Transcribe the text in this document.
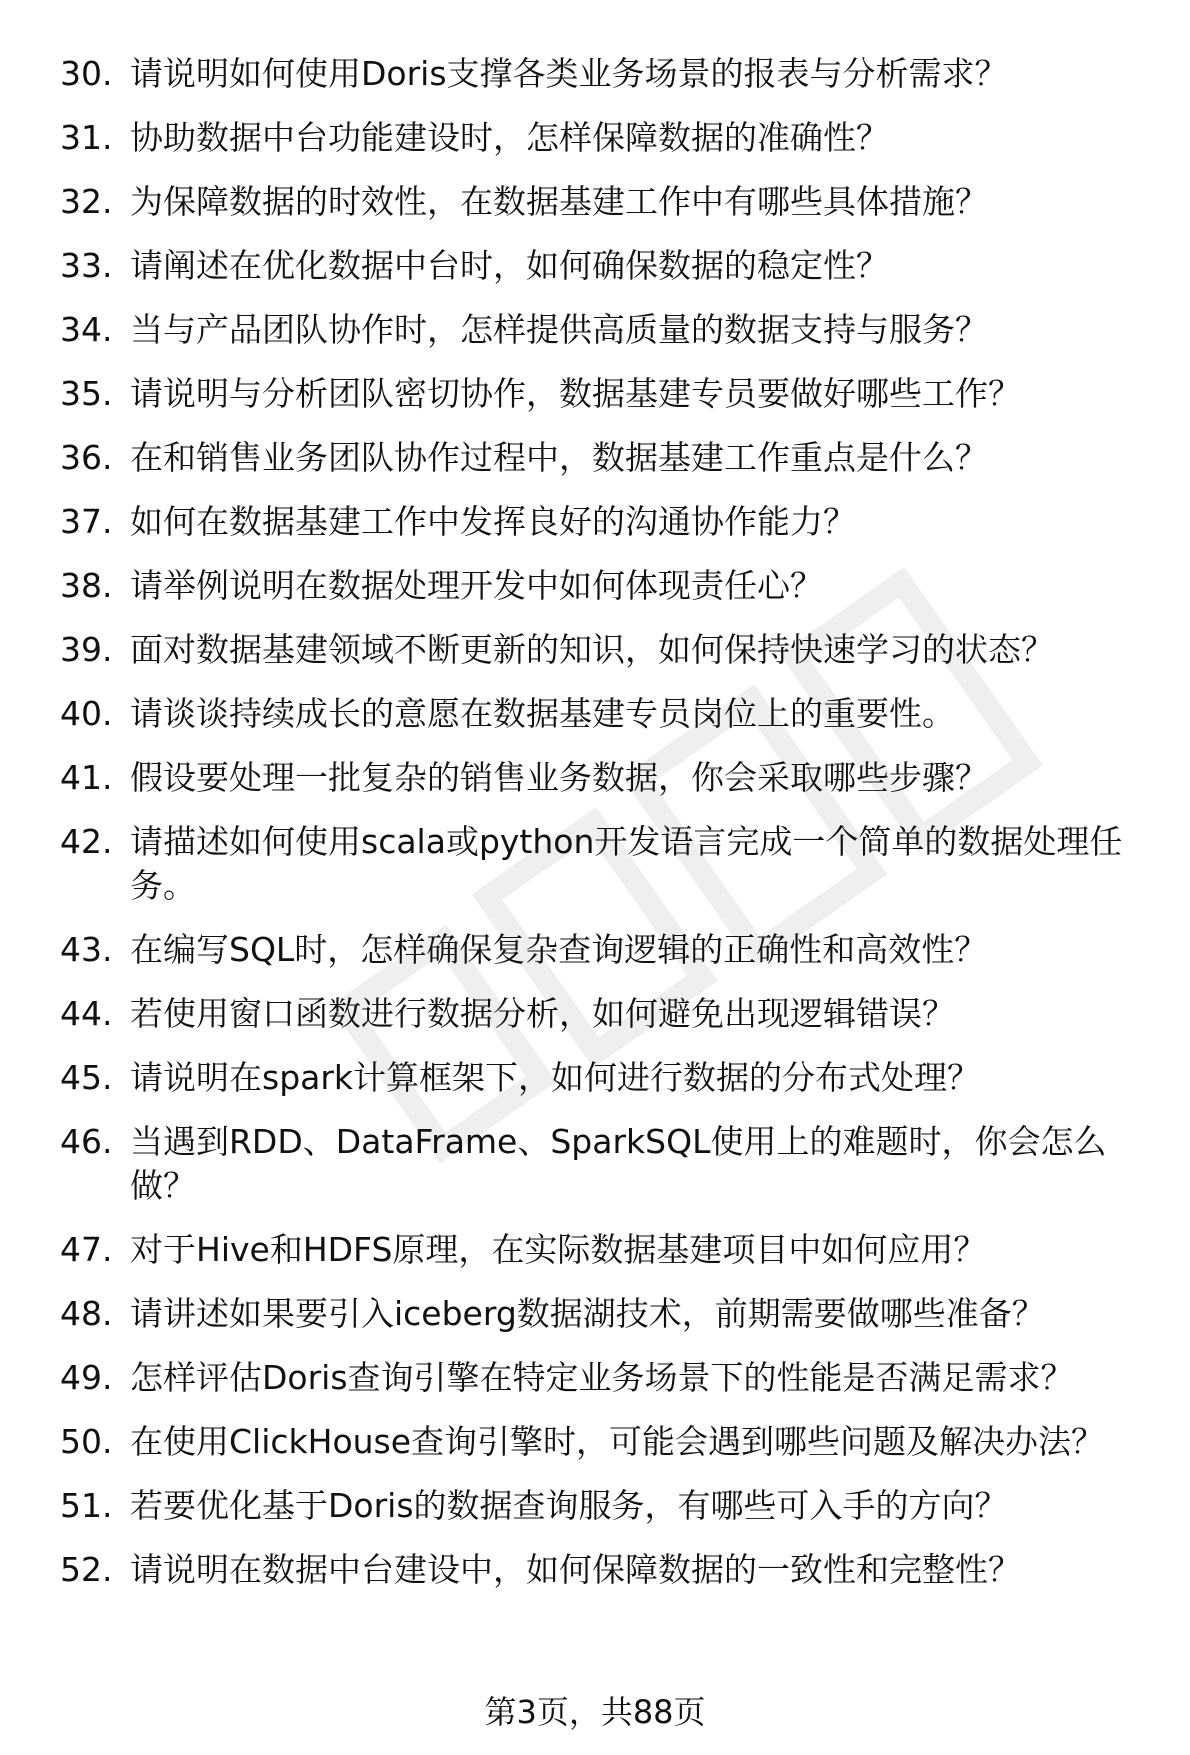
30. 请说明如何使用Doris支撑各类业务场景的报表与分析需求？
31. 协助数据中台功能建设时，怎样保障数据的准确性？
32. 为保障数据的时效性，在数据基建工作中有哪些具体措施？
33. 请阐述在优化数据中台时，如何确保数据的稳定性？
34. 当与产品团队协作时，怎样提供高质量的数据支持与服务？
35. 请说明与分析团队密切协作，数据基建专员要做好哪些工作？
36. 在和销售业务团队协作过程中，数据基建工作重点是什么？
37. 如何在数据基建工作中发挥良好的沟通协作能力？
38. 请举例说明在数据处理开发中如何体现责任心？
39. 面对数据基建领域不断更新的知识，如何保持快速学习的状态？
40. 请谈谈持续成长的意愿在数据基建专员岗位上的重要性。
41. 假设要处理一批复杂的销售业务数据，你会采取哪些步骤？
42. 请描述如何使用scala或python开发语言完成一个简单的数据处理任务。
43. 在编写SQL时，怎样确保复杂查询逻辑的正确性和高效性？
44. 若使用窗口函数进行数据分析，如何避免出现逻辑错误？
45. 请说明在spark计算框架下，如何进行数据的分布式处理？
46. 当遇到RDD、DataFrame、SparkSQL使用上的难题时，你会怎么做？
47. 对于Hive和HDFS原理，在实际数据基建项目中如何应用？
48. 请讲述如果要引入iceberg数据湖技术，前期需要做哪些准备？
49. 怎样评估Doris查询引擎在特定业务场景下的性能是否满足需求？
50. 在使用ClickHouse查询引擎时，可能会遇到哪些问题及解决办法？
51. 若要优化基于Doris的数据查询服务，有哪些可入手的方向？
52. 请说明在数据中台建设中，如何保障数据的一致性和完整性？
第3页，共88页
